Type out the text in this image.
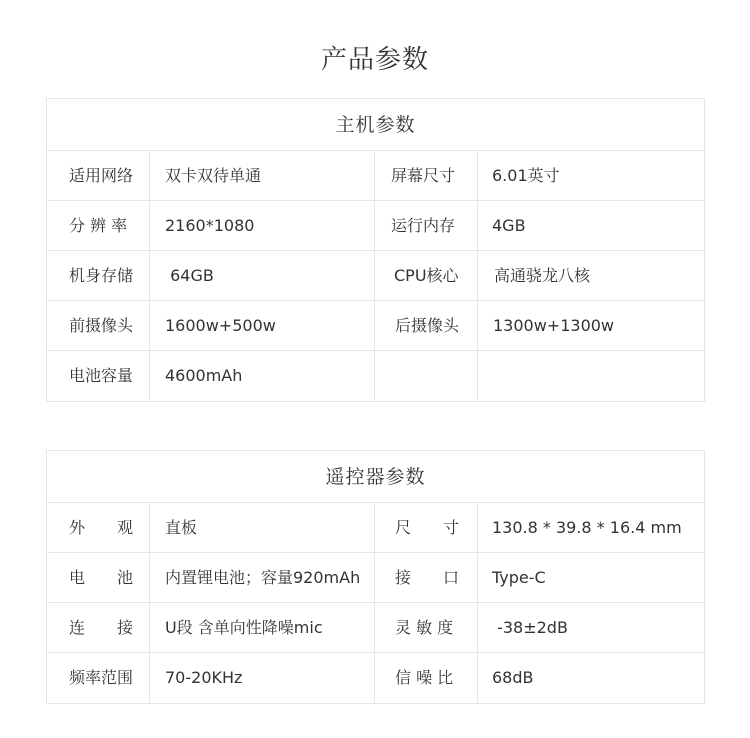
产品参数
主机参数
适用网络	双卡双待单通	屏幕尺寸	6.01英寸
分 辨 率	2160*1080	运行内存	4GB
机身存储	64GB	CPU核心	高通骁龙八核
前摄像头	1600w+500w	后摄像头	1300w+1300w
电池容量	4600mAh
遥控器参数
外　　观	直板	尺　　寸	130.8 * 39.8 * 16.4 mm
电　　池	内置锂电池；容量920mAh	接　　口	Type-C
连　　接	U段 含单向性降噪mic	灵 敏 度	-38±2dB
频率范围	70-20KHz	信 噪 比	68dB
